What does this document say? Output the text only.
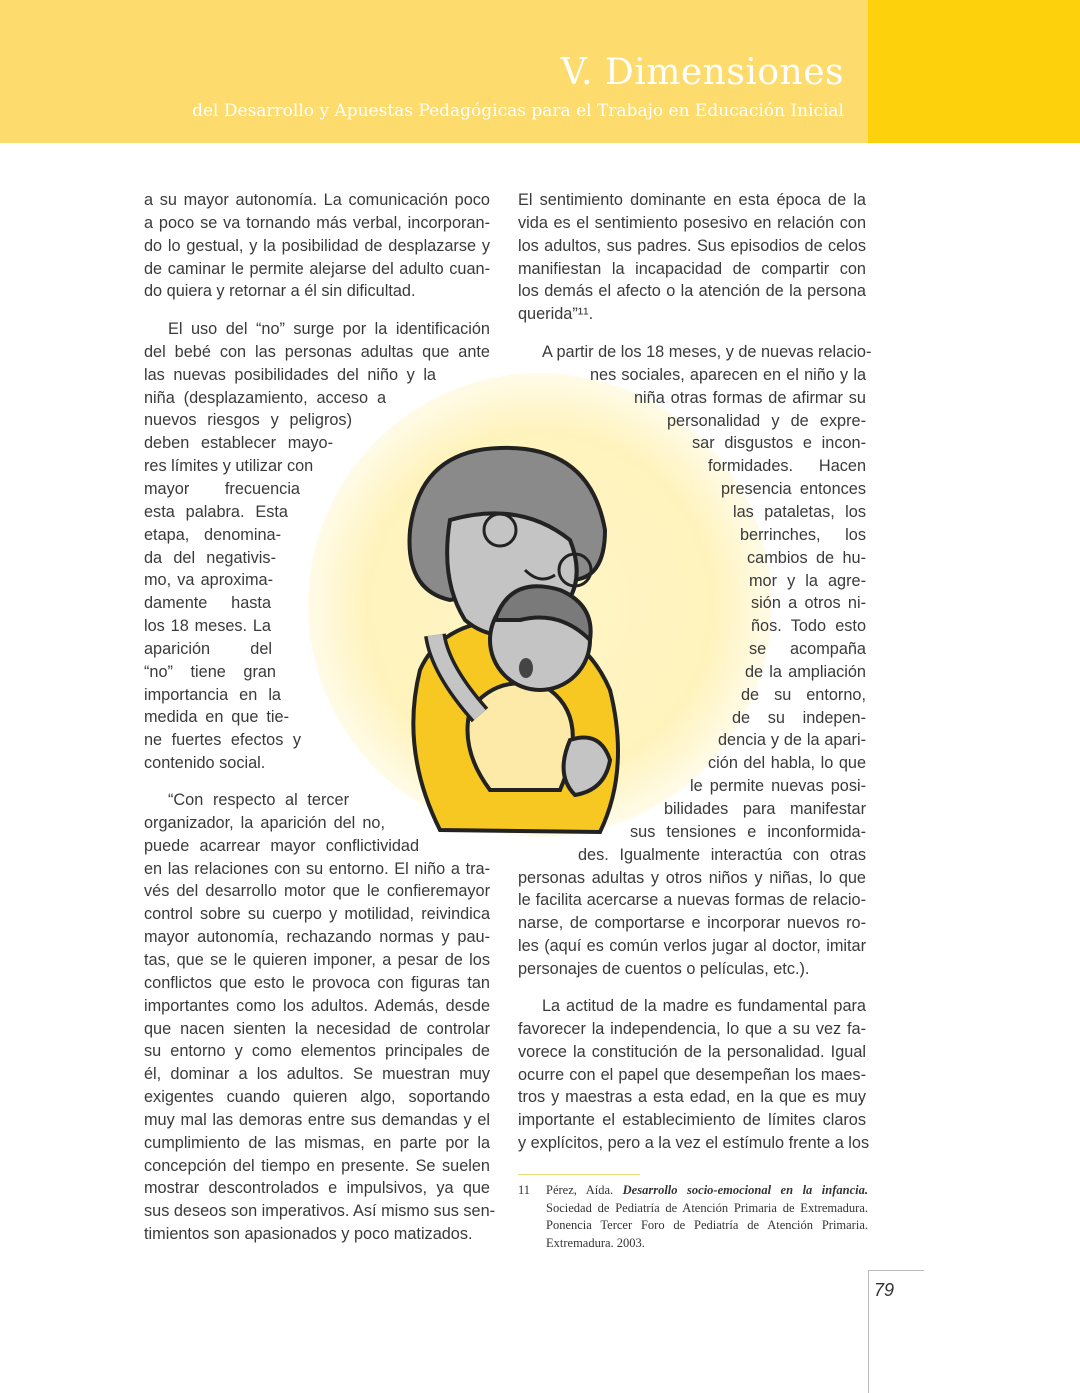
V. Dimensiones
del Desarrollo y Apuestas Pedagógicas para el Trabajo en Educación Inicial
a su mayor autonomía. La comunicación poco
a poco se va tornando más verbal, incorporan-
do lo gestual, y la posibilidad de desplazarse y
de caminar le permite alejarse del adulto cuan-
do quiera y retornar a él sin dificultad.
El uso del “no” surge por la identificación
del bebé con las personas adultas que ante
las nuevas posibilidades del niño y la
niña (desplazamiento, acceso a
nuevos riesgos y peligros)
deben establecer mayo-
res límites y utilizar con
mayor frecuencia
esta palabra. Esta
etapa, denomina-
da del negativis-
mo, va aproxima-
damente hasta
los 18 meses. La
aparición del
“no” tiene gran
importancia en la
medida en que tie-
ne fuertes efectos y
contenido social.
“Con respecto al tercer
organizador, la aparición del no,
puede acarrear mayor conflictividad
en las relaciones con su entorno. El niño a tra-
vés del desarrollo motor que le confieremayor
control sobre su cuerpo y motilidad, reivindica
mayor autonomía, rechazando normas y pau-
tas, que se le quieren imponer, a pesar de los
conflictos que esto le provoca con figuras tan
importantes como los adultos. Además, desde
que nacen sienten la necesidad de controlar
su entorno y como elementos principales de
él, dominar a los adultos. Se muestran muy
exigentes cuando quieren algo, soportando
muy mal las demoras entre sus demandas y el
cumplimiento de las mismas, en parte por la
concepción del tiempo en presente. Se suelen
mostrar descontrolados e impulsivos, ya que
sus deseos son imperativos. Así mismo sus sen-
timientos son apasionados y poco matizados.
El sentimiento dominante en esta época de la
vida es el sentimiento posesivo en relación con
los adultos, sus padres. Sus episodios de celos
manifiestan la incapacidad de compartir con
los demás el afecto o la atención de la persona
querida”¹¹.
A partir de los 18 meses, y de nuevas relacio-
nes sociales, aparecen en el niño y la
niña otras formas de afirmar su
personalidad y de expre-
sar disgustos e incon-
formidades. Hacen
presencia entonces
las pataletas, los
berrinches, los
cambios de hu-
mor y la agre-
sión a otros ni-
ños. Todo esto
se acompaña
de la ampliación
de su entorno,
de su indepen-
dencia y de la apari-
ción del habla, lo que
le permite nuevas posi-
bilidades para manifestar
sus tensiones e inconformida-
des. Igualmente interactúa con otras
personas adultas y otros niños y niñas, lo que
le facilita acercarse a nuevas formas de relacio-
narse, de comportarse e incorporar nuevos ro-
les (aquí es común verlos jugar al doctor, imitar
personajes de cuentos o películas, etc.).
La actitud de la madre es fundamental para
favorecer la independencia, lo que a su vez fa-
vorece la constitución de la personalidad. Igual
ocurre con el papel que desempeñan los maes-
tros y maestras a esta edad, en la que es muy
importante el establecimiento de límites claros
y explícitos, pero a la vez el estímulo frente a los
11 Pérez, Aída. Desarrollo socio-emocional en la infancia. Sociedad de Pediatría de Atención Primaria de Extremadura. Ponencia Tercer Foro de Pediatría de Atención Primaria. Extremadura. 2003.
79
